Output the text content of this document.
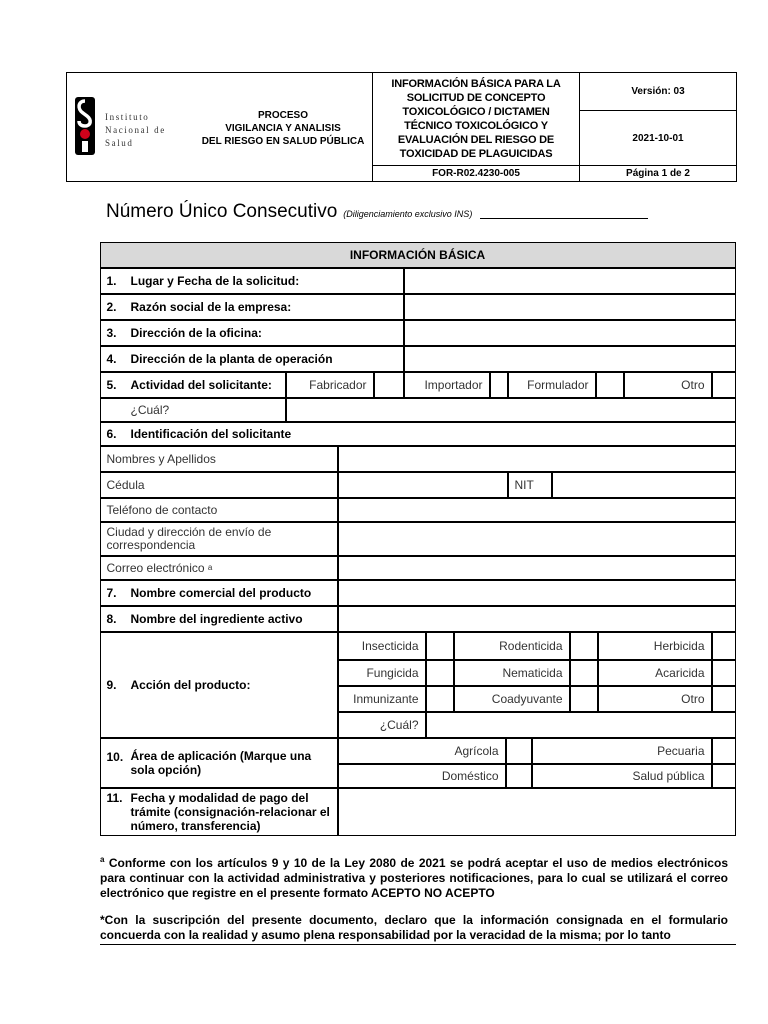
Instituto
Nacional de
Salud
PROCESO
VIGILANCIA Y ANALISIS
DEL RIESGO EN SALUD PÚBLICA
INFORMACIÓN BÁSICA PARA LA SOLICITUD DE CONCEPTO TOXICOLÓGICO / DICTAMEN TÉCNICO TOXICOLÓGICO Y EVALUACIÓN DEL RIESGO DE TOXICIDAD DE PLAGUICIDAS
FOR-R02.4230-005
Versión: 03
2021-10-01
Página 1 de 2
Número Único Consecutivo (Diligenciamiento exclusivo INS)
INFORMACIÓN BÁSICA
1.	Lugar y Fecha de la solicitud:
2.	Razón social de la empresa:
3.	Dirección de la oficina:
4.	Dirección de la planta de operación
5.	Actividad del solicitante:	Fabricador	Importador	Formulador	Otro
¿Cuál?
6.	Identificación del solicitante
Nombres y Apellidos
Cédula	NIT
Teléfono de contacto
Ciudad y dirección de envío de correspondencia
Correo electrónico
a
7.	Nombre comercial del producto
8.	Nombre del ingrediente activo
9.	Acción del producto:
Insecticida	Rodenticida	Herbicida
Fungicida	Nematicida	Acaricida
Inmunizante	Coadyuvante	Otro
¿Cuál?
10. Área de aplicación (Marque una sola opción)
Agrícola	Pecuaria
Doméstico	Salud pública
11. Fecha y modalidad de pago del trámite (consignación-relacionar el número, transferencia)
$^a$ Conforme con los artículos 9 y 10 de la Ley 2080 de 2021 se podrá aceptar el uso de medios electrónicos para continuar con la actividad administrativa y posteriores notificaciones, para lo cual se utilizará el correo electrónico que registre en el presente formato ACEPTO NO ACEPTO
*Con la suscripción del presente documento, declaro que la información consignada en el formulario concuerda con la realidad y asumo plena responsabilidad por la veracidad de la misma; por lo tanto
